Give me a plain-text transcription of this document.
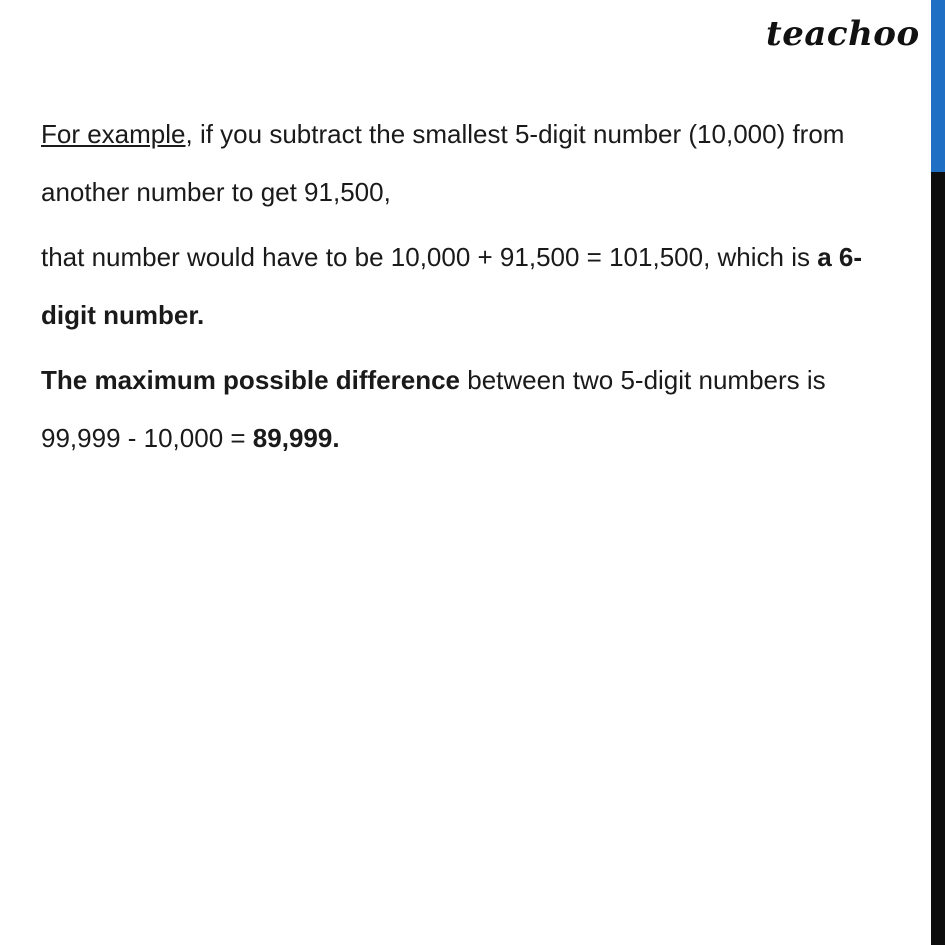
teachoo

For example, if you subtract the smallest 5-digit number (10,000) from another number to get 91,500,

that number would have to be 10,000 + 91,500 = 101,500, which is a 6-digit number.

The maximum possible difference between two 5-digit numbers is 99,999 - 10,000 = 89,999.
